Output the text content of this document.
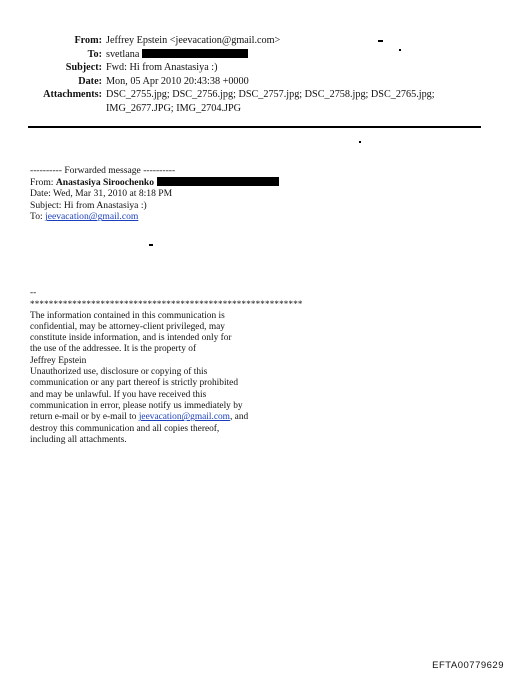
From: Jeffrey Epstein <jeevacation@gmail.com>
To: svetlana
Subject: Fwd: Hi from Anastasiya :)
Date: Mon, 05 Apr 2010 20:43:38 +0000
Attachments: DSC_2755.jpg; DSC_2756.jpg; DSC_2757.jpg; DSC_2758.jpg; DSC_2765.jpg;
IMG_2677.JPG; IMG_2704.JPG
---------- Forwarded message ----------
From: Anastasiya Siroochenko
Date: Wed, Mar 31, 2010 at 8:18 PM
Subject: Hi from Anastasiya :)
To: jeevacation@gmail.com
--
**********************************************************
The information contained in this communication is
confidential, may be attorney-client privileged, may
constitute inside information, and is intended only for
the use of the addressee. It is the property of
Jeffrey Epstein
Unauthorized use, disclosure or copying of this
communication or any part thereof is strictly prohibited
and may be unlawful. If you have received this
communication in error, please notify us immediately by
return e-mail or by e-mail to jeevacation@gmail.com, and
destroy this communication and all copies thereof,
including all attachments.
EFTA00779629
